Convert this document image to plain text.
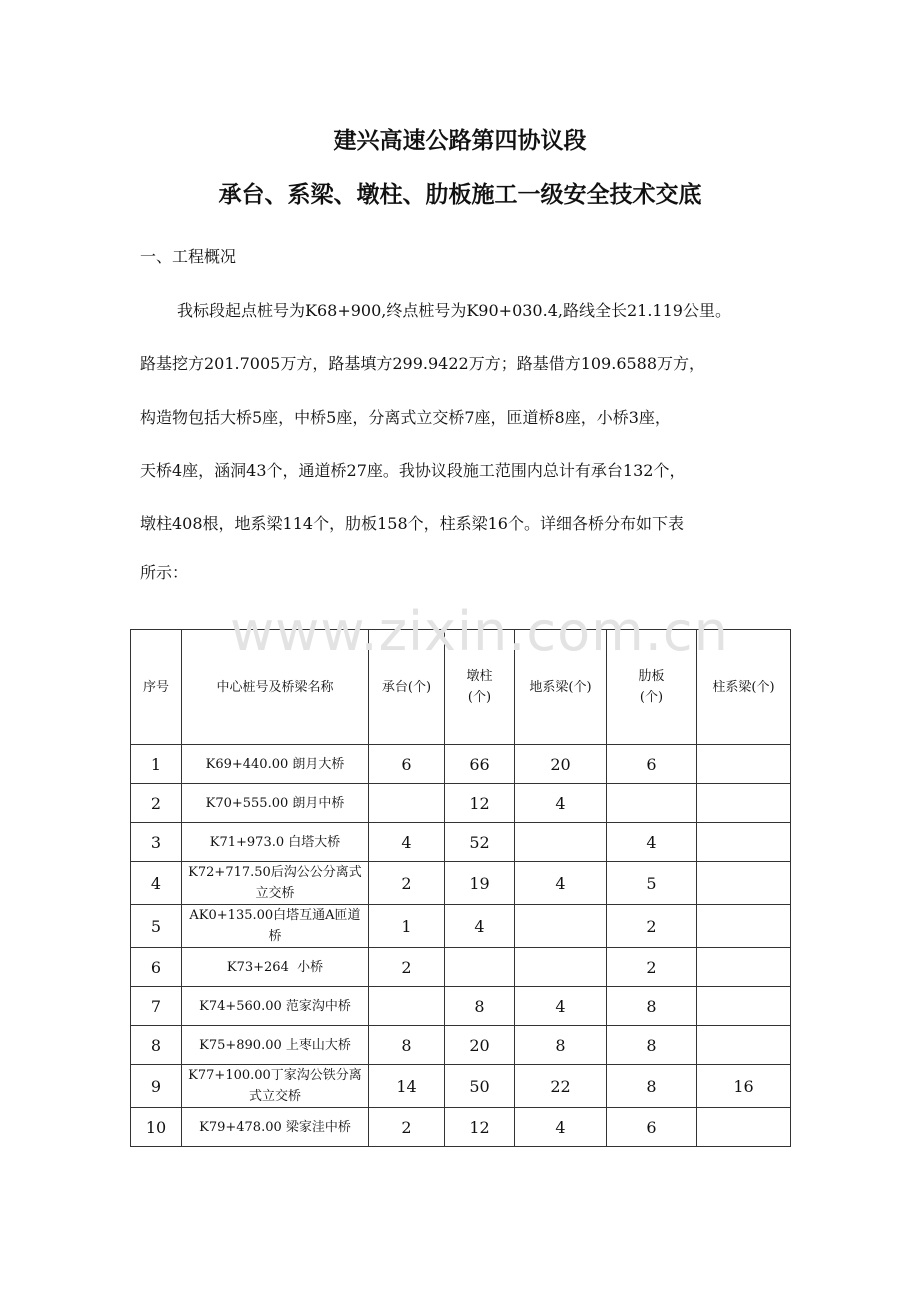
建兴高速公路第四协议段
承台、系梁、墩柱、肋板施工一级安全技术交底
一、工程概况
我标段起点桩号为K68+900,终点桩号为K90+030.4,路线全长21.119公里。
路基挖方201.7005万方，路基填方299.9422万方；路基借方109.6588万方，
构造物包括大桥5座，中桥5座，分离式立交桥7座，匝道桥8座，小桥3座，
天桥4座，涵洞43个，通道桥27座。我协议段施工范围内总计有承台132个，
墩柱408根，地系梁114个，肋板158个，柱系梁16个。详细各桥分布如下表
所示：
www.zixin.com.cn
序号	中心桩号及桥梁名称	承台(个)	墩柱(个)	地系梁(个)	肋板(个)	柱系梁(个)
1	K69+440.00 朗月大桥	6	66	20	6	
2	K70+555.00 朗月中桥		12	4		
3	K71+973.0 白塔大桥	4	52		4	
4	K72+717.50后沟公公分离式立交桥	2	19	4	5	
5	AK0+135.00白塔互通A匝道桥	1	4		2	
6	K73+264  小桥	2			2	
7	K74+560.00 范家沟中桥		8	4	8	
8	K75+890.00 上枣山大桥	8	20	8	8	
9	K77+100.00丁家沟公铁分离式立交桥	14	50	22	8	16
10	K79+478.00 梁家洼中桥	2	12	4	6	
